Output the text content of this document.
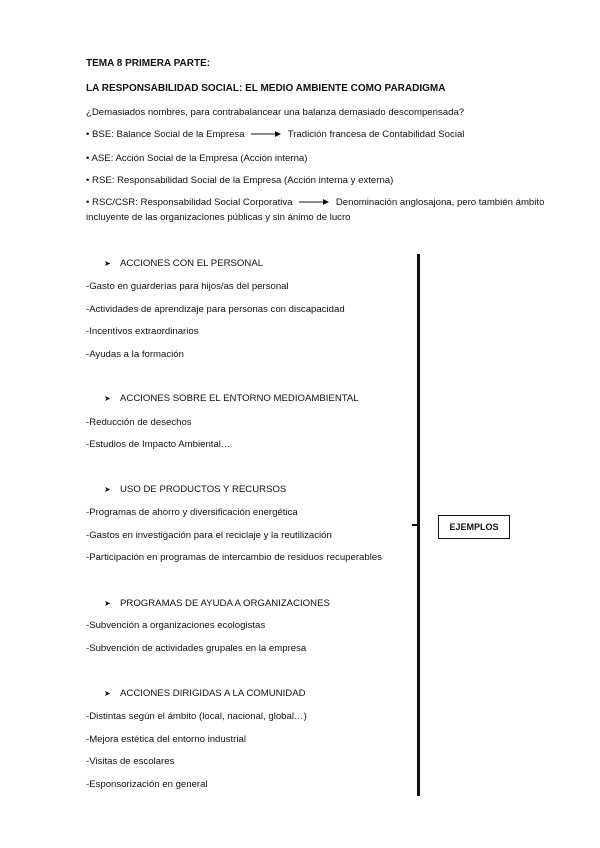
TEMA 8 PRIMERA PARTE:
LA RESPONSABILIDAD SOCIAL: EL MEDIO AMBIENTE COMO PARADIGMA
¿Demasiados nombres, para contrabalancear una balanza demasiado descompensada?
• BSE: Balance Social de la Empresa	Tradición francesa de Contabilidad Social
• ASE: Acción Social de la Empresa (Acción interna)
• RSE: Responsabilidad Social de la Empresa (Acción interna y externa)
• RSC/CSR: Responsabilidad Social Corporativa	Denominación anglosajona, pero también ámbito
incluyente de las organizaciones públicas y sin ánimo de lucro
➤ ACCIONES CON EL PERSONAL
-Gasto en guarderías para hijos/as del personal
-Actividades de aprendizaje para personas con discapacidad
-Incentivos extraordinarios
-Ayudas a la formación
➤ ACCIONES SOBRE EL ENTORNO MEDIOAMBIENTAL
-Reducción de desechos
-Estudios de Impacto Ambiental…
➤ USO DE PRODUCTOS Y RECURSOS
-Programas de ahorro y diversificación energética
-Gastos en investigación para el reciclaje y la reutilización
-Participación en programas de intercambio de residuos recuperables
➤ PROGRAMAS DE AYUDA A ORGANIZACIONES
-Subvención a organizaciones ecologistas
-Subvención de actividades grupales en la empresa
➤ ACCIONES DIRIGIDAS A LA COMUNIDAD
-Distintas según el ámbito (local, nacional, global…)
-Mejora estética del entorno industrial
-Visitas de escolares
-Esponsorización en general
EJEMPLOS
